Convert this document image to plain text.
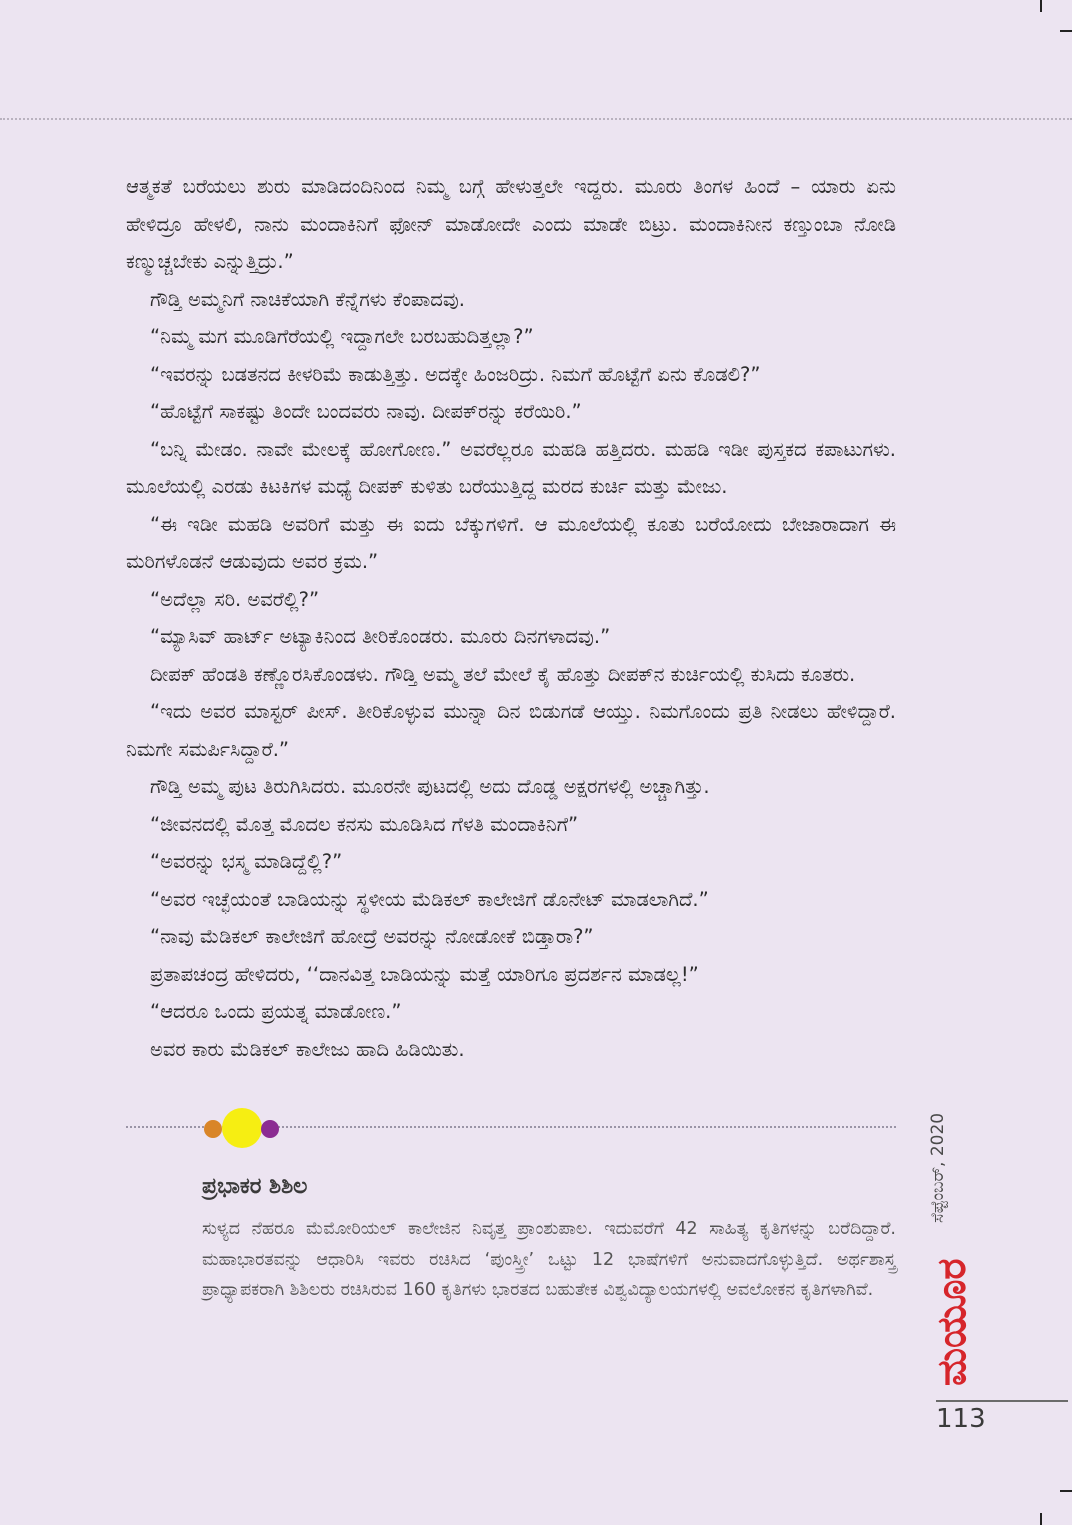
ಆತ್ಮಕತೆ ಬರೆಯಲು ಶುರು ಮಾಡಿದಂದಿನಿಂದ ನಿಮ್ಮ ಬಗ್ಗೆ ಹೇಳುತ್ತಲೇ ಇದ್ದರು. ಮೂರು ತಿಂಗಳ ಹಿಂದೆ – ಯಾರು ಏನು ಹೇಳಿದ್ರೂ ಹೇಳಲಿ, ನಾನು ಮಂದಾಕಿನಿಗೆ ಫೋನ್ ಮಾಡೋದೇ ಎಂದು ಮಾಡೇ ಬಿಟ್ರು. ಮಂದಾಕಿನೀನ ಕಣ್ತುಂಬಾ ನೋಡಿ ಕಣ್ಮುಚ್ಚಬೇಕು ಎನ್ನುತ್ತಿದ್ರು.”

ಗೌಡ್ತಿ ಅಮ್ಮನಿಗೆ ನಾಚಿಕೆಯಾಗಿ ಕೆನ್ನೆಗಳು ಕೆಂಪಾದವು.

“ನಿಮ್ಮ ಮಗ ಮೂಡಿಗೆರೆಯಲ್ಲಿ ಇದ್ದಾಗಲೇ ಬರಬಹುದಿತ್ತಲ್ಲಾ?”

“ಇವರನ್ನು ಬಡತನದ ಕೀಳರಿಮೆ ಕಾಡುತ್ತಿತ್ತು. ಅದಕ್ಕೇ ಹಿಂಜರಿದ್ರು. ನಿಮಗೆ ಹೊಟ್ಟೆಗೆ ಏನು ಕೊಡಲಿ?”

“ಹೊಟ್ಟೆಗೆ ಸಾಕಷ್ಟು ತಿಂದೇ ಬಂದವರು ನಾವು. ದೀಪಕ್‌ರನ್ನು ಕರೆಯಿರಿ.”

“ಬನ್ನಿ ಮೇಡಂ. ನಾವೇ ಮೇಲಕ್ಕೆ ಹೋಗೋಣ.” ಅವರೆಲ್ಲರೂ ಮಹಡಿ ಹತ್ತಿದರು. ಮಹಡಿ ಇಡೀ ಪುಸ್ತಕದ ಕಪಾಟುಗಳು. ಮೂಲೆಯಲ್ಲಿ ಎರಡು ಕಿಟಕಿಗಳ ಮಧ್ಯೆ ದೀಪಕ್ ಕುಳಿತು ಬರೆಯುತ್ತಿದ್ದ ಮರದ ಕುರ್ಚಿ ಮತ್ತು ಮೇಜು.

“ಈ ಇಡೀ ಮಹಡಿ ಅವರಿಗೆ ಮತ್ತು ಈ ಐದು ಬೆಕ್ಕುಗಳಿಗೆ. ಆ ಮೂಲೆಯಲ್ಲಿ ಕೂತು ಬರೆಯೋದು ಬೇಜಾರಾದಾಗ ಈ ಮರಿಗಳೊಡನೆ ಆಡುವುದು ಅವರ ಕ್ರಮ.”

“ಅದೆಲ್ಲಾ ಸರಿ. ಅವರೆಲ್ಲಿ?”

“ಮ್ಯಾಸಿವ್ ಹಾರ್ಟ್ ಅಟ್ಯಾಕಿನಿಂದ ತೀರಿಕೊಂಡರು. ಮೂರು ದಿನಗಳಾದವು.”

ದೀಪಕ್ ಹೆಂಡತಿ ಕಣ್ಣೊರಸಿಕೊಂಡಳು. ಗೌಡ್ತಿ ಅಮ್ಮ ತಲೆ ಮೇಲೆ ಕೈ ಹೊತ್ತು ದೀಪಕ್‌ನ ಕುರ್ಚಿಯಲ್ಲಿ ಕುಸಿದು ಕೂತರು.

“ಇದು ಅವರ ಮಾಸ್ಟರ್ ಪೀಸ್. ತೀರಿಕೊಳ್ಳುವ ಮುನ್ನಾ ದಿನ ಬಿಡುಗಡೆ ಆಯ್ತು. ನಿಮಗೊಂದು ಪ್ರತಿ ನೀಡಲು ಹೇಳಿದ್ದಾರೆ. ನಿಮಗೇ ಸಮರ್ಪಿಸಿದ್ದಾರೆ.”

ಗೌಡ್ತಿ ಅಮ್ಮ ಪುಟ ತಿರುಗಿಸಿದರು. ಮೂರನೇ ಪುಟದಲ್ಲಿ ಅದು ದೊಡ್ಡ ಅಕ್ಷರಗಳಲ್ಲಿ ಅಚ್ಚಾಗಿತ್ತು.

“ಜೀವನದಲ್ಲಿ ಮೊತ್ತ ಮೊದಲ ಕನಸು ಮೂಡಿಸಿದ ಗೆಳತಿ ಮಂದಾಕಿನಿಗೆ”

“ಅವರನ್ನು ಭಸ್ಮ ಮಾಡಿದ್ದೆಲ್ಲಿ?”

“ಅವರ ಇಚ್ಛೆಯಂತೆ ಬಾಡಿಯನ್ನು ಸ್ಥಳೀಯ ಮೆಡಿಕಲ್ ಕಾಲೇಜಿಗೆ ಡೊನೇಟ್ ಮಾಡಲಾಗಿದೆ.”

“ನಾವು ಮೆಡಿಕಲ್ ಕಾಲೇಜಿಗೆ ಹೋದ್ರೆ ಅವರನ್ನು ನೋಡೋಕೆ ಬಿಡ್ತಾರಾ?”

ಪ್ರತಾಪಚಂದ್ರ ಹೇಳಿದರು, ‘‘ದಾನವಿತ್ತ ಬಾಡಿಯನ್ನು ಮತ್ತೆ ಯಾರಿಗೂ ಪ್ರದರ್ಶನ ಮಾಡಲ್ಲ!”

“ಆದರೂ ಒಂದು ಪ್ರಯತ್ನ ಮಾಡೋಣ.”

ಅವರ ಕಾರು ಮೆಡಿಕಲ್ ಕಾಲೇಜು ಹಾದಿ ಹಿಡಿಯಿತು.

ಪ್ರಭಾಕರ ಶಿಶಿಲ
ಸುಳ್ಯದ ನೆಹರೂ ಮೆಮೋರಿಯಲ್ ಕಾಲೇಜಿನ ನಿವೃತ್ತ ಪ್ರಾಂಶುಪಾಲ. ಇದುವರೆಗೆ 42 ಸಾಹಿತ್ಯ ಕೃತಿಗಳನ್ನು ಬರೆದಿದ್ದಾರೆ. ಮಹಾಭಾರತವನ್ನು ಆಧಾರಿಸಿ ಇವರು ರಚಿಸಿದ ‘ಪುಂಸ್ತ್ರೀ’ ಒಟ್ಟು 12 ಭಾಷೆಗಳಿಗೆ ಅನುವಾದಗೊಳ್ಳುತ್ತಿದೆ. ಅರ್ಥಶಾಸ್ತ್ರ ಪ್ರಾಧ್ಯಾಪಕರಾಗಿ ಶಿಶಿಲರು ರಚಿಸಿರುವ 160 ಕೃತಿಗಳು ಭಾರತದ ಬಹುತೇಕ ವಿಶ್ವವಿದ್ಯಾಲಯಗಳಲ್ಲಿ ಅವಲೋಕನ ಕೃತಿಗಳಾಗಿವೆ.
ಸೆಪ್ಟೆಂಬರ್, 2020
ಮಯೂರ
113
